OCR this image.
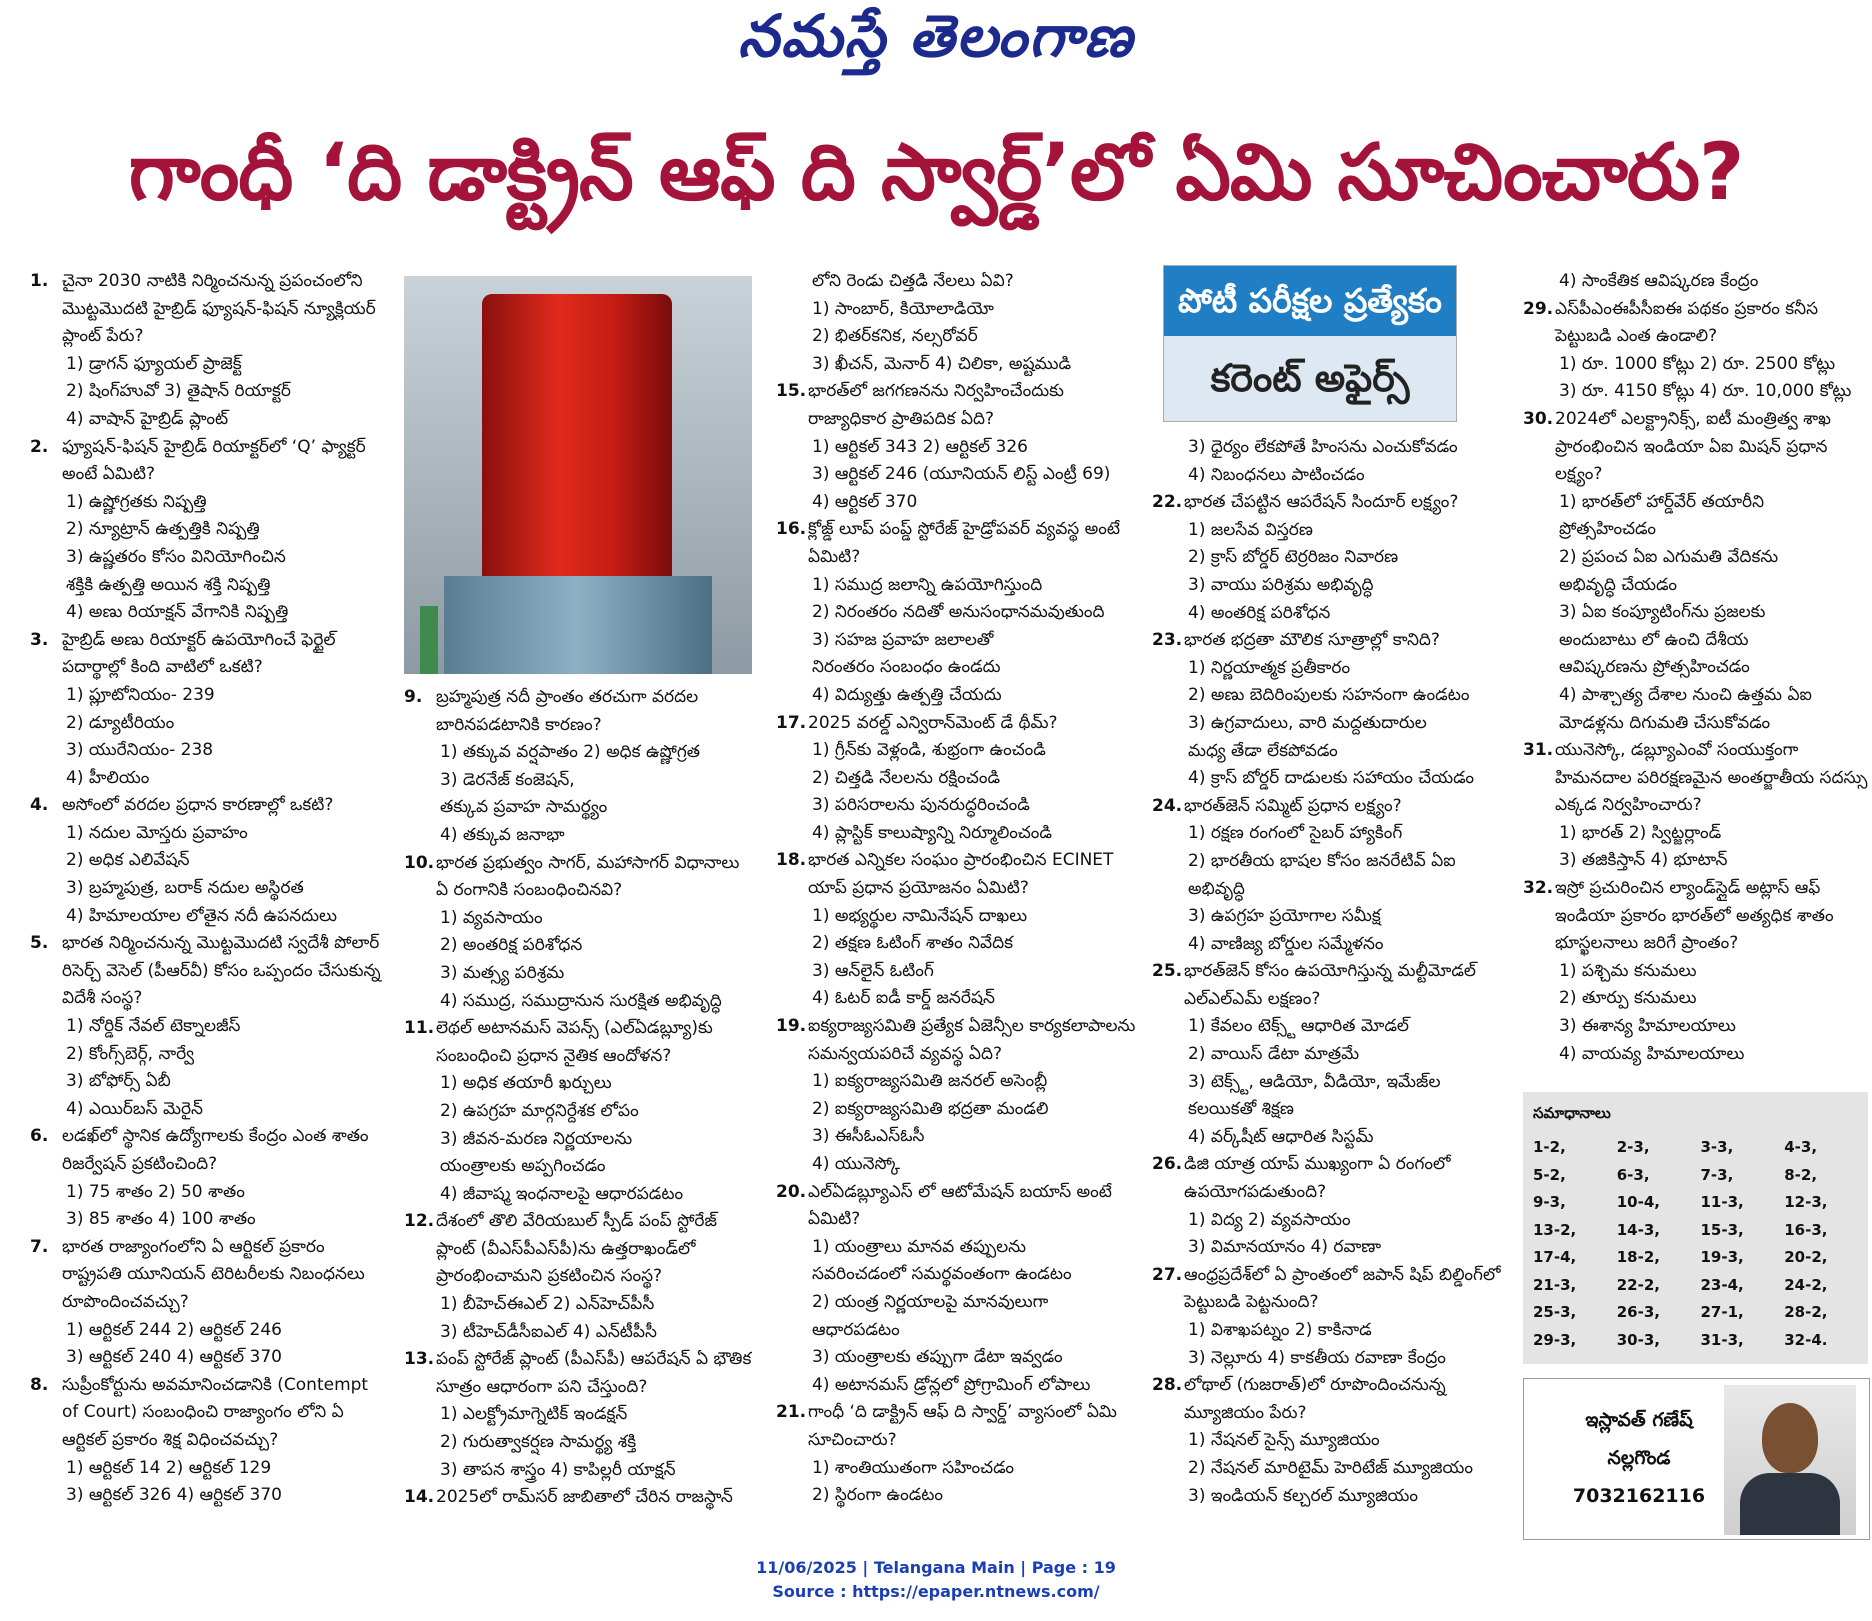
నమస్తే తెలంగాణ
గాంధీ ‘ది డాక్ట్రిన్ ఆఫ్ ది స్వార్డ్’లో ఏమి సూచించారు?
1. చైనా 2030 నాటికి నిర్మించనున్న ప్రపంచంలోని మొట్టమొదటి హైబ్రిడ్ ఫ్యూషన్-ఫిషన్ న్యూక్లియర్ ప్లాంట్ పేరు?

1) డ్రాగన్ ఫ్యూయల్ ప్రాజెక్ట్

2) షింగ్‌హువో 3) తైషాన్ రియాక్టర్

4) వాషాన్ హైబ్రిడ్ ప్లాంట్

2. ఫ్యూషన్-ఫిషన్ హైబ్రిడ్ రియాక్టర్‌లో ‘Q’ ఫ్యాక్టర్ అంటే ఏమిటి?

1) ఉష్ణోగ్రతకు నిష్పత్తి

2) న్యూట్రాన్ ఉత్పత్తికి నిష్పత్తి

3) ఉష్ణతరం కోసం వినియోగించిన

శక్తికి ఉత్పత్తి అయిన శక్తి నిష్పత్తి

4) అణు రియాక్షన్ వేగానికి నిష్పత్తి

3. హైబ్రిడ్ అణు రియాక్టర్ ఉపయోగించే ఫెర్టైల్ పదార్థాల్లో కింది వాటిలో ఒకటి?

1) ప్లూటోనియం- 239

2) డ్యూటీరియం

3) యురేనియం- 238

4) హీలియం

4. అసోంలో వరదల ప్రధాన కారణాల్లో ఒకటి?

1) నదుల మోస్తరు ప్రవాహం

2) అధిక ఎలివేషన్

3) బ్రహ్మపుత్ర, బరాక్ నదుల అస్థిరత

4) హిమాలయాల లోతైన నదీ ఉపనదులు

5. భారత నిర్మించనున్న మొట్టమొదటి స్వదేశీ పోలార్ రిసెర్చ్ వెసెల్ (పీఆర్‌వీ) కోసం ఒప్పందం చేసుకున్న విదేశీ సంస్థ?

1) నోర్డిక్ నేవల్ టెక్నాలజీస్

2) కోంగ్స్‌బెర్గ్, నార్వే

3) బోఫోర్స్ ఏబీ

4) ఎయిర్‌బస్ మెరైన్

6. లడఖ్‌లో స్థానిక ఉద్యోగాలకు కేంద్రం ఎంత శాతం రిజర్వేషన్ ప్రకటించింది?

1) 75 శాతం 2) 50 శాతం

3) 85 శాతం 4) 100 శాతం

7. భారత రాజ్యాంగంలోని ఏ ఆర్టికల్ ప్రకారం రాష్ట్రపతి యూనియన్ టెరిటరీలకు నిబంధనలు రూపొందించవచ్చు?

1) ఆర్టికల్ 244 2) ఆర్టికల్ 246

3) ఆర్టికల్ 240 4) ఆర్టికల్ 370

8. సుప్రీంకోర్టును అవమానించడానికి (Contempt of Court) సంబంధించి రాజ్యాంగం లోని ఏ ఆర్టికల్ ప్రకారం శిక్ష విధించవచ్చు?

1) ఆర్టికల్ 14 2) ఆర్టికల్ 129

3) ఆర్టికల్ 326 4) ఆర్టికల్ 370

9. బ్రహ్మపుత్ర నదీ ప్రాంతం తరచుగా వరదల బారినపడటానికి కారణం?

1) తక్కువ వర్షపాతం 2) అధిక ఉష్ణోగ్రత

3) డెరనేజ్ కంజెషన్,

తక్కువ ప్రవాహ సామర్థ్యం

4) తక్కువ జనాభా

10. భారత ప్రభుత్వం సాగర్, మహాసాగర్ విధానాలు ఏ రంగానికి సంబంధించినవి?

1) వ్యవసాయం

2) అంతరిక్ష పరిశోధన

3) మత్స్య పరిశ్రమ

4) సముద్ర, సముద్రానున సురక్షిత అభివృద్ధి

11. లెథల్ అటానమస్ వెపన్స్ (ఎల్‌ఏడబ్ల్యూ)కు సంబంధించి ప్రధాన నైతిక ఆందోళన?

1) అధిక తయారీ ఖర్చులు

2) ఉపగ్రహ మార్గనిర్దేశక లోపం

3) జీవన-మరణ నిర్ణయాలను

యంత్రాలకు అప్పగించడం

4) జీవాష్మ ఇంధనాలపై ఆధారపడటం

12. దేశంలో తొలి వేరియబుల్ స్పీడ్ పంప్ స్టోరేజ్ ప్లాంట్ (వీఎస్‌పీఎస్‌పీ)ను ఉత్తరాఖండ్‌లో ప్రారంభించామని ప్రకటించిన సంస్థ?

1) బీహెచ్‌ఈఎల్ 2) ఎన్‌హెచ్‌పీసీ

3) టీహెచ్‌డీసీఐఎల్ 4) ఎన్‌టీపీసీ

13. పంప్ స్టోరేజ్ ప్లాంట్ (పీఎస్‌పీ) ఆపరేషన్ ఏ భౌతిక సూత్రం ఆధారంగా పని చేస్తుంది?

1) ఎలక్ట్రోమాగ్నెటిక్ ఇండక్షన్

2) గురుత్వాకర్షణ సామర్థ్య శక్తి

3) తాపన శాస్త్రం 4) కాపిల్లరీ యాక్షన్

14. 2025లో రామ్‌సర్ జాబితాలో చేరిన రాజస్థాన్

లోని రెండు చిత్తడి నేలలు ఏవి?

1) సాంబార్, కియోలాడియో

2) భితర్‌కనిక, నల్సరోవర్

3) ఖీచన్, మెనార్ 4) చిలికా, అష్టముడి

15. భారత్‌లో జగగణనను నిర్వహించేందుకు రాజ్యాధికార ప్రాతిపదిక ఏది?

1) ఆర్టికల్ 343 2) ఆర్టికల్ 326

3) ఆర్టికల్ 246 (యూనియన్ లిస్ట్ ఎంట్రీ 69)

4) ఆర్టికల్ 370

16. క్లోజ్డ్ లూప్ పంప్డ్ స్టోరేజ్ హైడ్రోపవర్ వ్యవస్థ అంటే ఏమిటి?

1) సముద్ర జలాన్ని ఉపయోగిస్తుంది

2) నిరంతరం నదితో అనుసంధానమవుతుంది

3) సహజ ప్రవాహ జలాలతో

నిరంతరం సంబంధం ఉండదు

4) విద్యుత్తు ఉత్పత్తి చేయదు

17. 2025 వరల్డ్ ఎన్విరాన్‌మెంట్ డే థీమ్?

1) గ్రీన్‌కు వెళ్లండి, శుభ్రంగా ఉంచండి

2) చిత్తడి నేలలను రక్షించండి

3) పరిసరాలను పునరుద్ధరించండి

4) ప్లాస్టిక్ కాలుష్యాన్ని నిర్మూలించండి

18. భారత ఎన్నికల సంఘం ప్రారంభించిన ECINET యాప్ ప్రధాన ప్రయోజనం ఏమిటి?

1) అభ్యర్థుల నామినేషన్ దాఖలు

2) తక్షణ ఓటింగ్ శాతం నివేదిక

3) ఆన్‌లైన్ ఓటింగ్

4) ఓటర్ ఐడీ కార్డ్ జనరేషన్

19. ఐక్యరాజ్యసమితి ప్రత్యేక ఏజెన్సీల కార్యకలాపాలను సమన్వయపరిచే వ్యవస్థ ఏది?

1) ఐక్యరాజ్యసమితి జనరల్ అసెంబ్లీ

2) ఐక్యరాజ్యసమితి భద్రతా మండలి

3) ఈసీఓఎస్‌ఓసీ

4) యునెస్కో

20. ఎల్‌ఏడబ్ల్యూఎస్ లో ఆటోమేషన్ బయాస్ అంటే ఏమిటి?

1) యంత్రాలు మానవ తప్పులను

సవరించడంలో సమర్థవంతంగా ఉండటం

2) యంత్ర నిర్ణయాలపై మానవులుగా

ఆధారపడటం

3) యంత్రాలకు తప్పుగా డేటా ఇవ్వడం

4) అటానమస్ డ్రోన్లలో ప్రోగ్రామింగ్ లోపాలు

21. గాంధీ ‘ది డాక్ట్రిన్ ఆఫ్ ది స్వార్డ్’ వ్యాసంలో ఏమి సూచించారు?

1) శాంతియుతంగా సహించడం

2) స్థిరంగా ఉండటం

పోటీ పరీక్షల ప్రత్యేకం
కరెంట్ అఫైర్స్

3) ధైర్యం లేకపోతే హింసను ఎంచుకోవడం

4) నిబంధనలు పాటించడం

22. భారత చేపట్టిన ఆపరేషన్ సిందూర్ లక్ష్యం?

1) జలసేవ విస్తరణ

2) క్రాస్ బోర్డర్ టెర్రరిజం నివారణ

3) వాయు పరిశ్రమ అభివృద్ధి

4) అంతరిక్ష పరిశోధన

23. భారత భద్రతా మౌలిక సూత్రాల్లో కానిది?

1) నిర్ణయాత్మక ప్రతీకారం

2) అణు బెదిరింపులకు సహనంగా ఉండటం

3) ఉగ్రవాదులు, వారి మద్దతుదారుల

మధ్య తేడా లేకపోవడం

4) క్రాస్ బోర్డర్ దాడులకు సహాయం చేయడం

24. భారత్‌జెన్ సమ్మిట్ ప్రధాన లక్ష్యం?

1) రక్షణ రంగంలో సైబర్ హ్యాకింగ్

2) భారతీయ భాషల కోసం జనరేటివ్ ఏఐ

అభివృద్ధి

3) ఉపగ్రహ ప్రయోగాల సమీక్ష

4) వాణిజ్య బోర్డుల సమ్మేళనం

25. భారత్‌జెన్ కోసం ఉపయోగిస్తున్న మల్టీమోడల్ ఎల్ఎల్ఎమ్ లక్షణం?

1) కేవలం టెక్స్ట్ ఆధారిత మోడల్

2) వాయిస్ డేటా మాత్రమే

3) టెక్స్ట్, ఆడియో, వీడియో, ఇమేజ్‌ల

కలయికతో శిక్షణ

4) వర్క్‌షీట్ ఆధారిత సిస్టమ్

26. డిజి యాత్ర యాప్ ముఖ్యంగా ఏ రంగంలో ఉపయోగపడుతుంది?

1) విద్య 2) వ్యవసాయం

3) విమానయానం 4) రవాణా

27. ఆంధ్రప్రదేశ్‌లో ఏ ప్రాంతంలో జపాన్ షిప్ బిల్డింగ్‌లో పెట్టుబడి పెట్టనుంది?

1) విశాఖపట్నం 2) కాకినాడ

3) నెల్లూరు 4) కాకతీయ రవాణా కేంద్రం

28. లోథాల్ (గుజరాత్)లో రూపొందించనున్న మ్యూజియం పేరు?

1) నేషనల్ సైన్స్ మ్యూజియం

2) నేషనల్ మారిటైమ్ హెరిటేజ్ మ్యూజియం

3) ఇండియన్ కల్చరల్ మ్యూజియం

4) సాంకేతిక ఆవిష్కరణ కేంద్రం

29. ఎస్‌పీఎంఈపీసీఐఈ పథకం ప్రకారం కనీస పెట్టుబడి ఎంత ఉండాలి?

1) రూ. 1000 కోట్లు 2) రూ. 2500 కోట్లు

3) రూ. 4150 కోట్లు 4) రూ. 10,000 కోట్లు

30. 2024లో ఎలక్ట్రానిక్స్, ఐటీ మంత్రిత్వ శాఖ ప్రారంభించిన ఇండియా ఏఐ మిషన్ ప్రధాన లక్ష్యం?

1) భారత్‌లో హార్డ్‌వేర్ తయారీని

ప్రోత్సహించడం

2) ప్రపంచ ఏఐ ఎగుమతి వేదికను

అభివృద్ధి చేయడం

3) ఏఐ కంప్యూటింగ్‌ను ప్రజలకు

అందుబాటు లో ఉంచి దేశీయ

ఆవిష్కరణను ప్రోత్సహించడం

4) పాశ్చాత్య దేశాల నుంచి ఉత్తమ ఏఐ

మోడళ్లను దిగుమతి చేసుకోవడం

31. యునెస్కో, డబ్ల్యూఎంవో సంయుక్తంగా హిమనదాల పరిరక్షణమైన అంతర్జాతీయ సదస్సు ఎక్కడ నిర్వహించారు?

1) భారత్ 2) స్విట్జర్లాండ్

3) తజికిస్తాన్ 4) భూటాన్

32. ఇస్రో ప్రచురించిన ల్యాండ్‌స్లైడ్ అట్లాస్ ఆఫ్ ఇండియా ప్రకారం భారత్‌లో అత్యధిక శాతం భూస్ఖలనాలు జరిగే ప్రాంతం?

1) పశ్చిమ కనుమలు

2) తూర్పు కనుమలు

3) ఈశాన్య హిమాలయాలు

4) వాయవ్య హిమాలయాలు

సమాధానాలు
1-2,	2-3,	3-3,	4-3,
5-2,	6-3,	7-3,	8-2,
9-3,	10-4,	11-3,	12-3,
13-2,	14-3,	15-3,	16-3,
17-4,	18-2,	19-3,	20-2,
21-3,	22-2,	23-4,	24-2,
25-3,	26-3,	27-1,	28-2,
29-3,	30-3,	31-3,	32-4.
ఇస్లావత్ గణేష్
నల్లగొండ
7032162116
11/06/2025 | Telangana Main | Page : 19
Source : https://epaper.ntnews.com/
